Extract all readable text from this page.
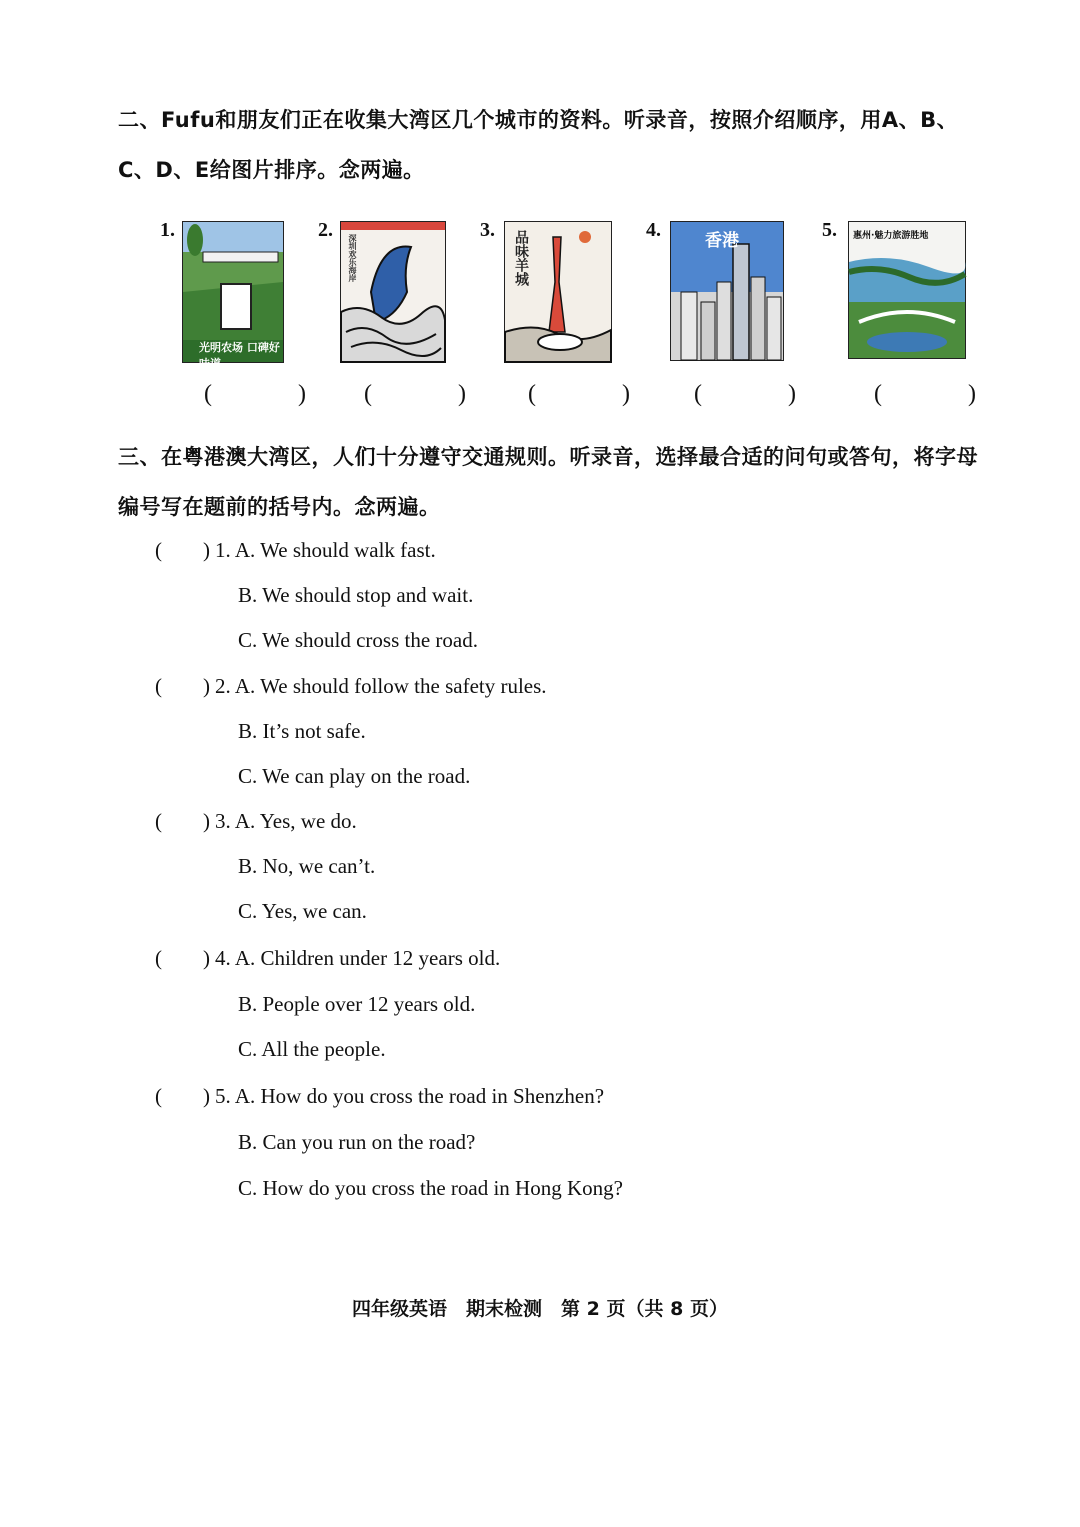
二、Fufu和朋友们正在收集大湾区几个城市的资料。听录音，按照介绍顺序，用A、B、C、D、E给图片排序。念两遍。
1.
光明农场 口碑好味道
( )
2.
深圳欢乐海岸
( )
3. 品味羊城
( )
4.	香港
( )
5. 惠州·魅力旅游胜地
( )
三、在粤港澳大湾区，人们十分遵守交通规则。听录音，选择最合适的问句或答句，将字母编号写在题前的括号内。念两遍。
( ) 1. A. We should walk fast.
B. We should stop and wait.
C. We should cross the road.
( ) 2. A. We should follow the safety rules.
B. It’s not safe.
C. We can play on the road.
( ) 3. A. Yes, we do.
B. No, we can’t.
C. Yes, we can.
( ) 4. A. Children under 12 years old.
B. People over 12 years old.
C. All the people.
( ) 5. A. How do you cross the road in Shenzhen?
B. Can you run on the road?
C. How do you cross the road in Hong Kong?
四年级英语　期末检测　第 2 页（共 8 页）
